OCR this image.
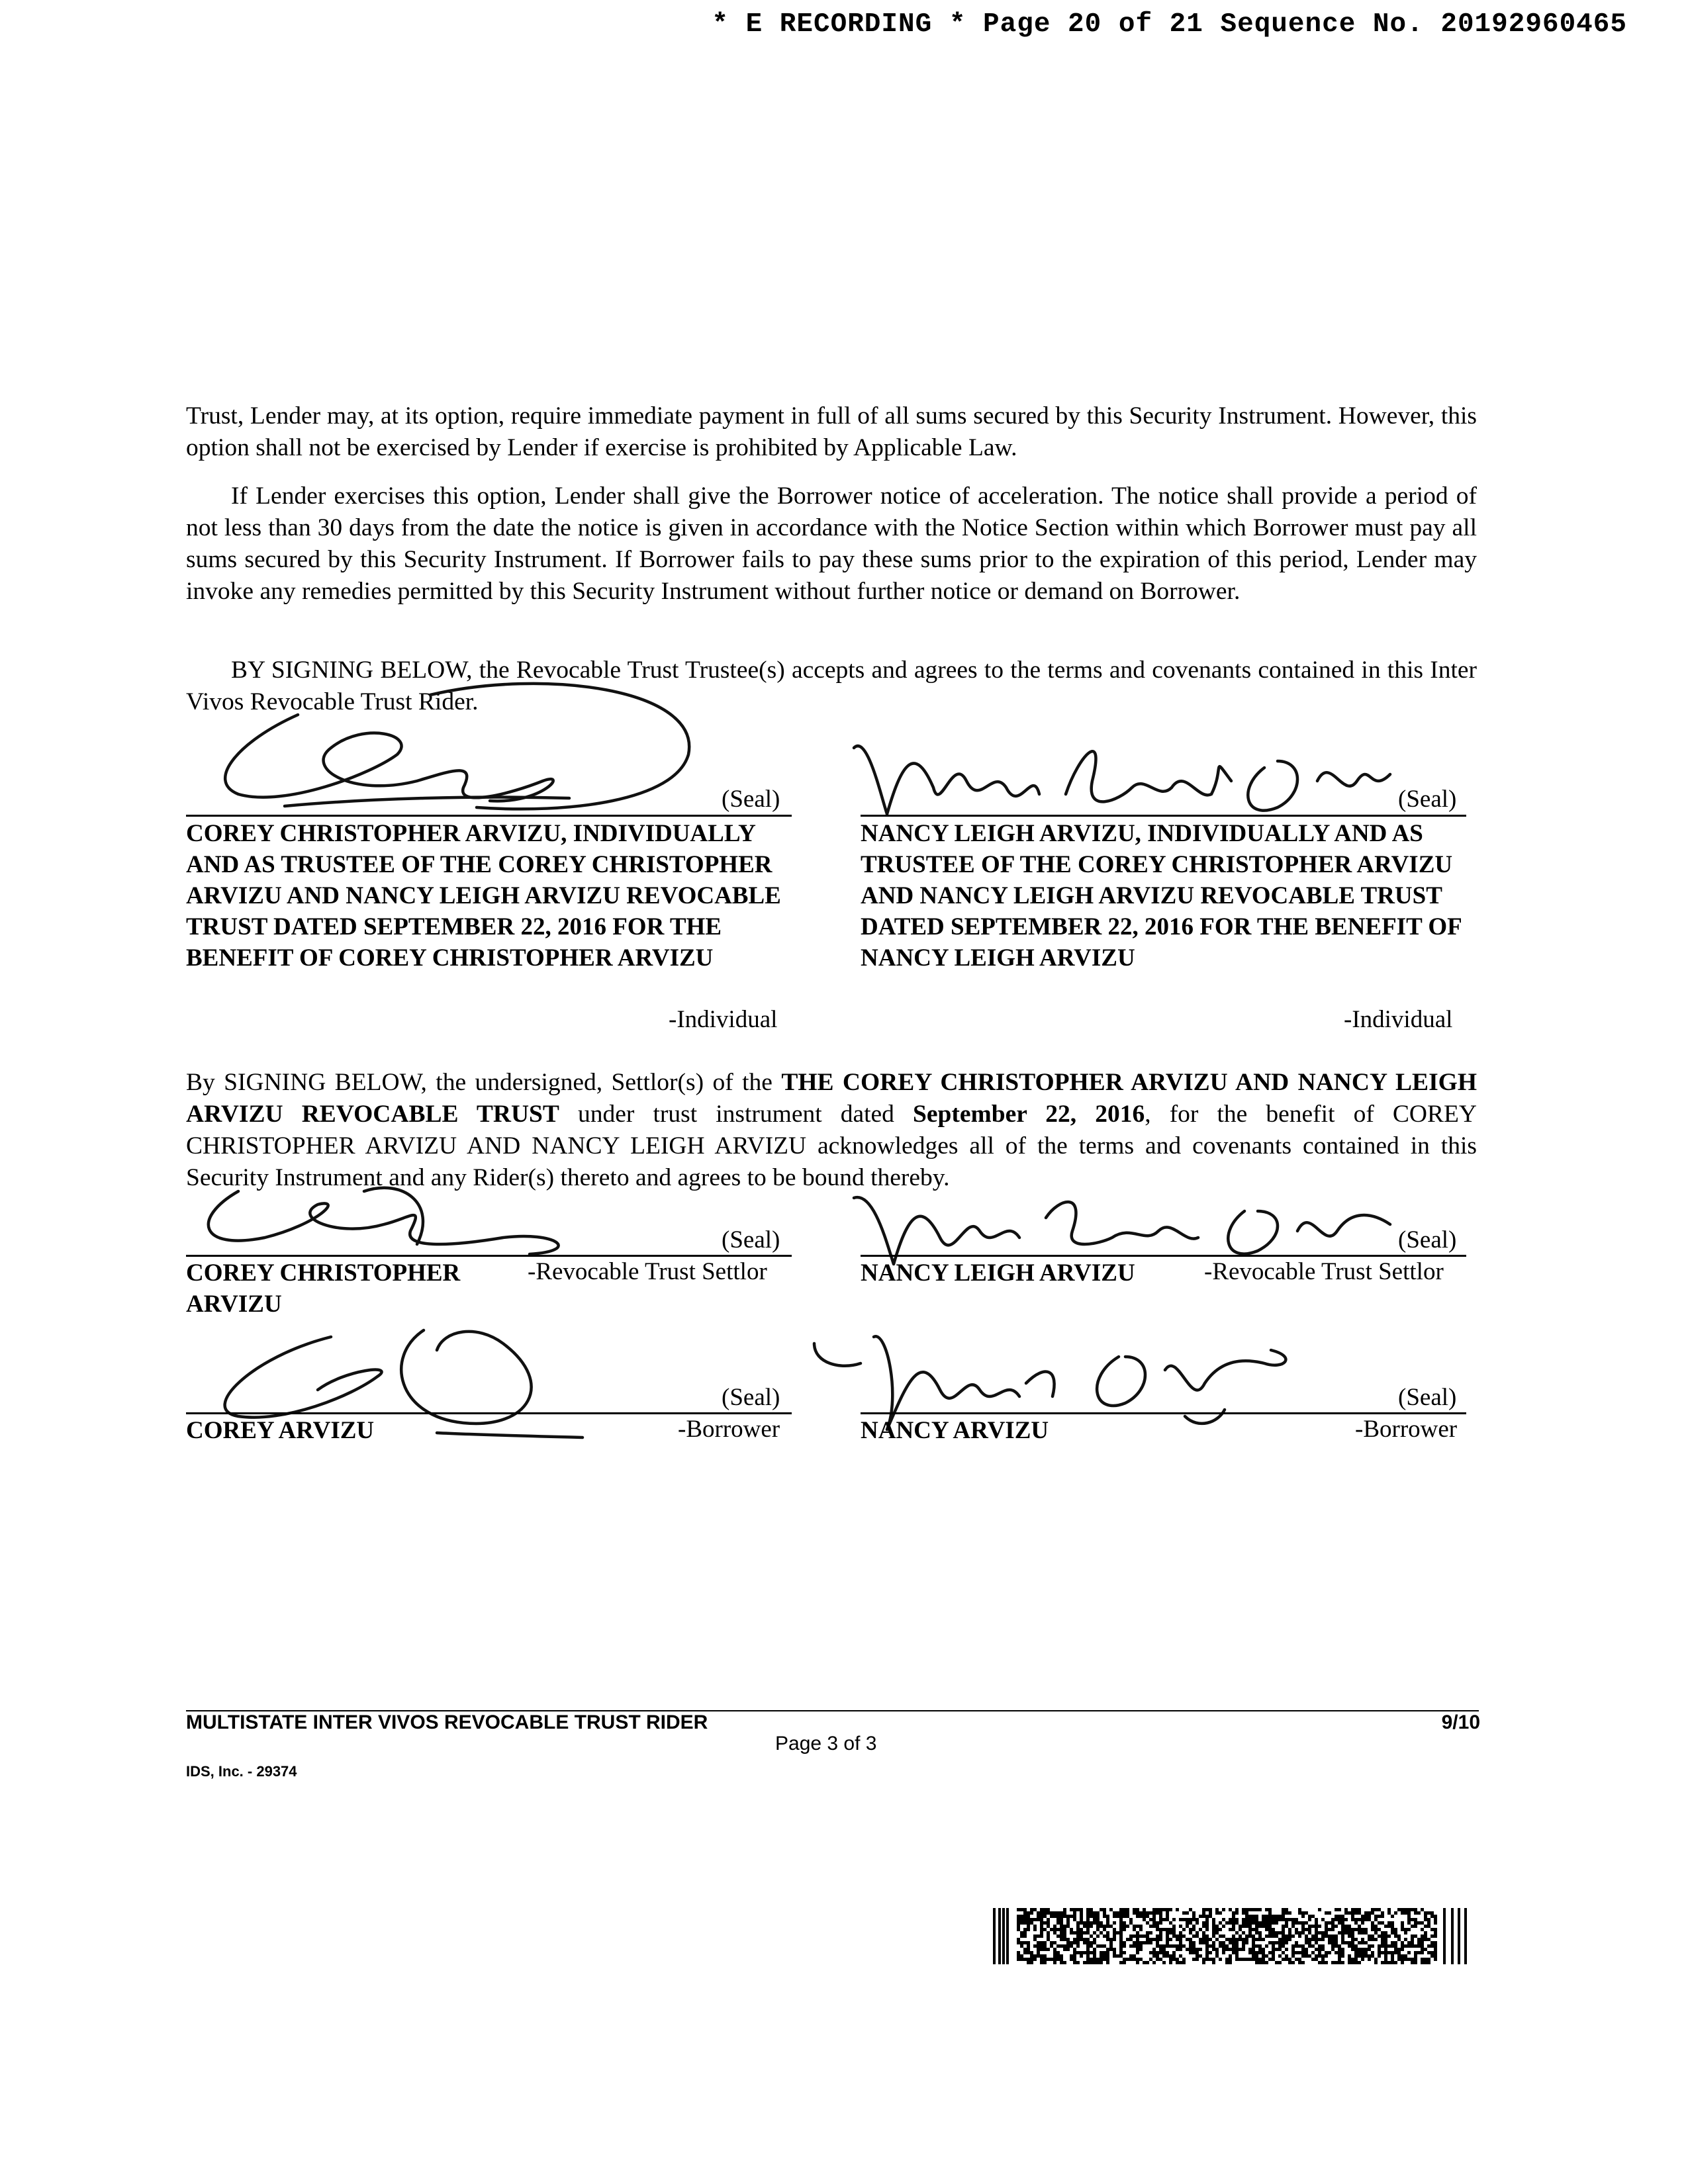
* E RECORDING * Page 20 of 21 Sequence No. 20192960465
Trust, Lender may, at its option, require immediate payment in full of all sums secured by this Security Instrument. However, this option shall not be exercised by Lender if exercise is prohibited by Applicable Law.
If Lender exercises this option, Lender shall give the Borrower notice of acceleration. The notice shall provide a period of not less than 30 days from the date the notice is given in accordance with the Notice Section within which Borrower must pay all sums secured by this Security Instrument. If Borrower fails to pay these sums prior to the expiration of this period, Lender may invoke any remedies permitted by this Security Instrument without further notice or demand on Borrower.
BY SIGNING BELOW, the Revocable Trust Trustee(s) accepts and agrees to the terms and covenants contained in this Inter Vivos Revocable Trust Rider.
(Seal)
COREY CHRISTOPHER ARVIZU, INDIVIDUALLY AND AS TRUSTEE OF THE COREY CHRISTOPHER ARVIZU AND NANCY LEIGH ARVIZU REVOCABLE TRUST DATED SEPTEMBER 22, 2016 FOR THE BENEFIT OF COREY CHRISTOPHER ARVIZU
-Individual
(Seal)
NANCY LEIGH ARVIZU, INDIVIDUALLY AND AS TRUSTEE OF THE COREY CHRISTOPHER ARVIZU AND NANCY LEIGH ARVIZU REVOCABLE TRUST DATED SEPTEMBER 22, 2016 FOR THE BENEFIT OF NANCY LEIGH ARVIZU
-Individual
By SIGNING BELOW, the undersigned, Settlor(s) of the THE COREY CHRISTOPHER ARVIZU AND NANCY LEIGH ARVIZU REVOCABLE TRUST under trust instrument dated September 22, 2016, for the benefit of COREY CHRISTOPHER ARVIZU AND NANCY LEIGH ARVIZU acknowledges all of the terms and covenants contained in this Security Instrument and any Rider(s) thereto and agrees to be bound thereby.
(Seal)
COREY CHRISTOPHER
ARVIZU
-Revocable Trust Settlor
(Seal)
NANCY LEIGH ARVIZU	-Revocable Trust Settlor
(Seal)
COREY ARVIZU	-Borrower
(Seal)
NANCY ARVIZU	-Borrower
MULTISTATE INTER VIVOS REVOCABLE TRUST RIDER	9/10
Page 3 of 3
IDS, Inc. - 29374
